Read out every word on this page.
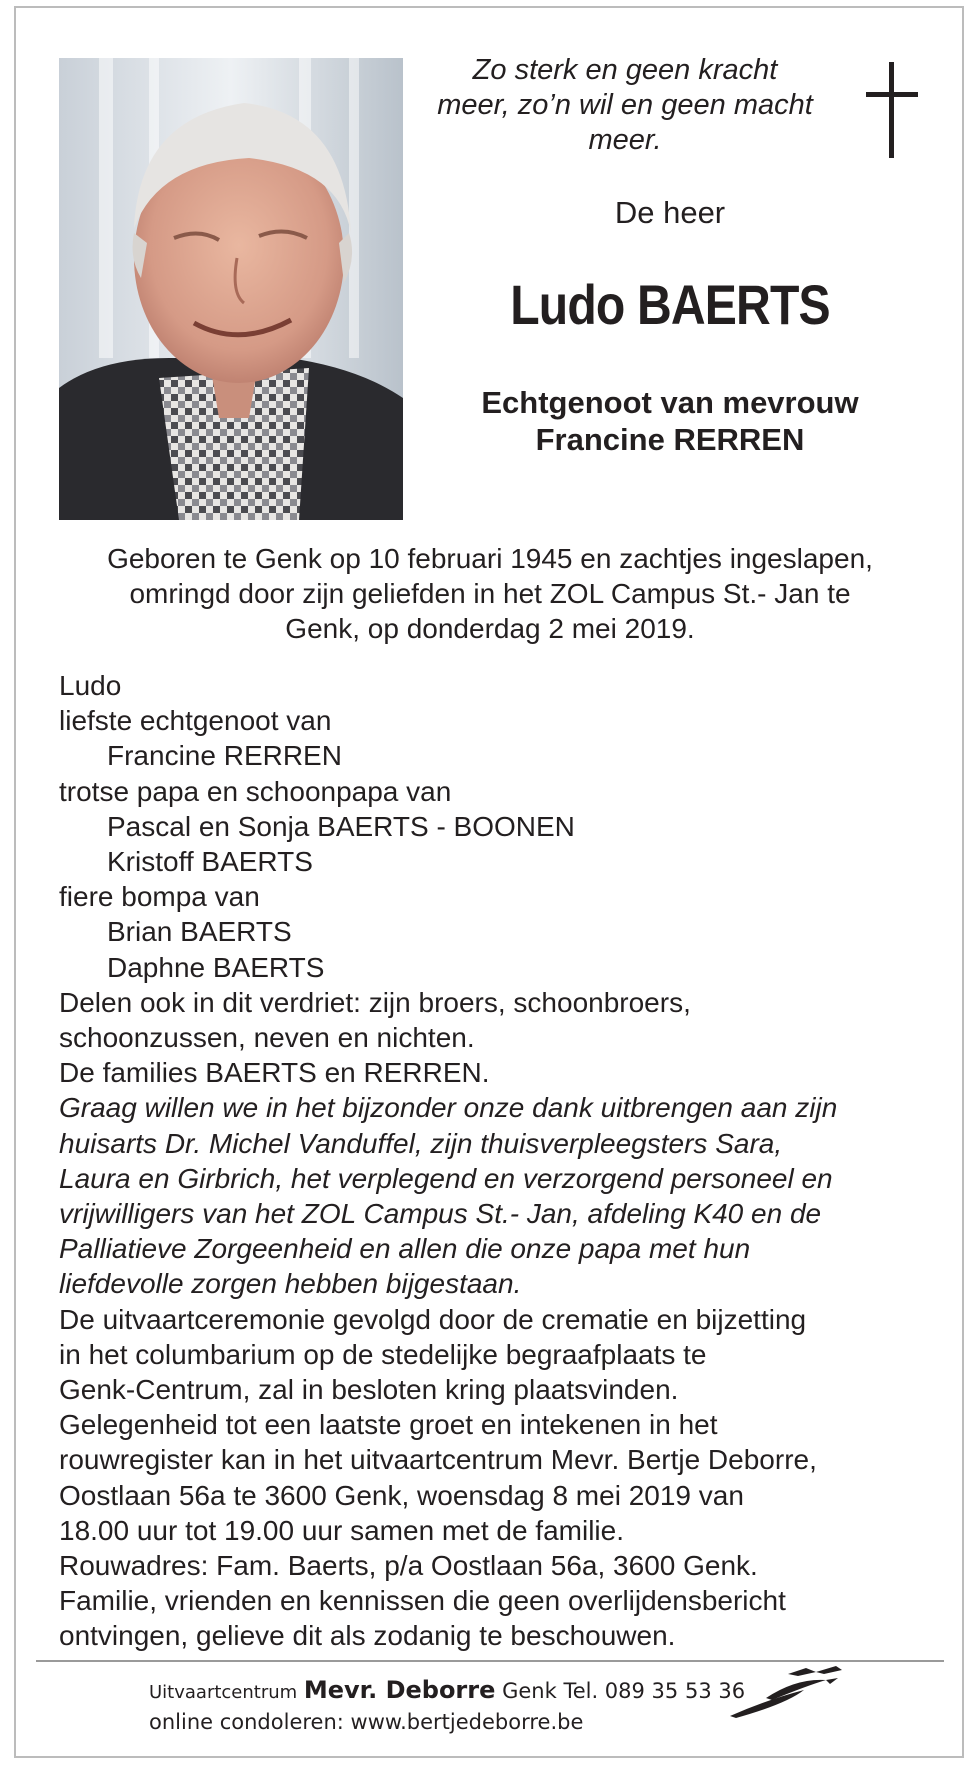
Zo sterk en geen kracht
meer, zo’n wil en geen macht
meer.
De heer
Ludo BAERTS
Echtgenoot van mevrouw
Francine RERREN
Geboren te Genk op 10 februari 1945 en zachtjes ingeslapen,
omringd door zijn geliefden in het ZOL Campus St.- Jan te
Genk, op donderdag 2 mei 2019.
Ludo
liefste echtgenoot van
Francine RERREN
trotse papa en schoonpapa van
Pascal en Sonja BAERTS - BOONEN
Kristoff BAERTS
fiere bompa van
Brian BAERTS
Daphne BAERTS
Delen ook in dit verdriet: zijn broers, schoonbroers,
schoonzussen, neven en nichten.
De families BAERTS en RERREN.
Graag willen we in het bijzonder onze dank uitbrengen aan zijn
huisarts Dr. Michel Vanduffel, zijn thuisverpleegsters Sara,
Laura en Girbrich, het verplegend en verzorgend personeel en
vrijwilligers van het ZOL Campus St.- Jan, afdeling K40 en de
Palliatieve Zorgeenheid en allen die onze papa met hun
liefdevolle zorgen hebben bijgestaan.
De uitvaartceremonie gevolgd door de crematie en bijzetting
in het columbarium op de stedelijke begraafplaats te
Genk-Centrum, zal in besloten kring plaatsvinden.
Gelegenheid tot een laatste groet en intekenen in het
rouwregister kan in het uitvaartcentrum Mevr. Bertje Deborre,
Oostlaan 56a te 3600 Genk, woensdag 8 mei 2019 van
18.00 uur tot 19.00 uur samen met de familie.
Rouwadres: Fam. Baerts, p/a Oostlaan 56a, 3600 Genk.
Familie, vrienden en kennissen die geen overlijdensbericht
ontvingen, gelieve dit als zodanig te beschouwen.
Uitvaartcentrum Mevr. Deborre Genk Tel. 089 35 53 36
online condoleren: www.bertjedeborre.be
